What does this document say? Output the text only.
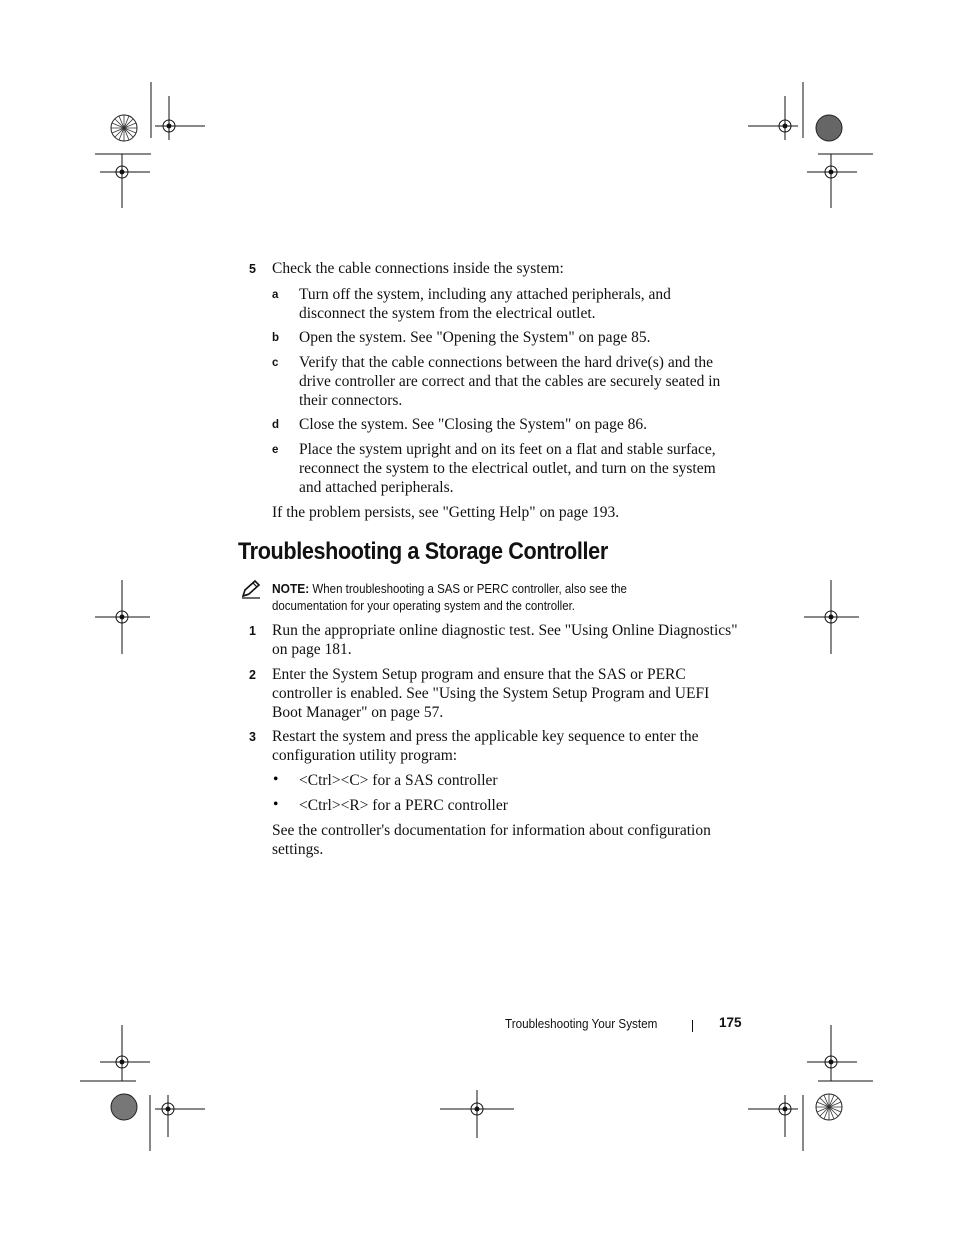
5 Check the cable connections inside the system:
a Turn off the system, including any attached peripherals, and
disconnect the system from the electrical outlet.
b Open the system. See "Opening the System" on page 85.
c Verify that the cable connections between the hard drive(s) and the
drive controller are correct and that the cables are securely seated in
their connectors.
d Close the system. See "Closing the System" on page 86.
e Place the system upright and on its feet on a flat and stable surface,
reconnect the system to the electrical outlet, and turn on the system
and attached peripherals.
If the problem persists, see "Getting Help" on page 193.
Troubleshooting a Storage Controller
NOTE: When troubleshooting a SAS or PERC controller, also see the
documentation for your operating system and the controller.
1 Run the appropriate online diagnostic test. See "Using Online Diagnostics"
on page 181.
2 Enter the System Setup program and ensure that the SAS or PERC
controller is enabled. See "Using the System Setup Program and UEFI
Boot Manager" on page 57.
3 Restart the system and press the applicable key sequence to enter the
configuration utility program:
• <Ctrl><C> for a SAS controller
• <Ctrl><R> for a PERC controller
See the controller's documentation for information about configuration
settings.
Troubleshooting Your System	175
